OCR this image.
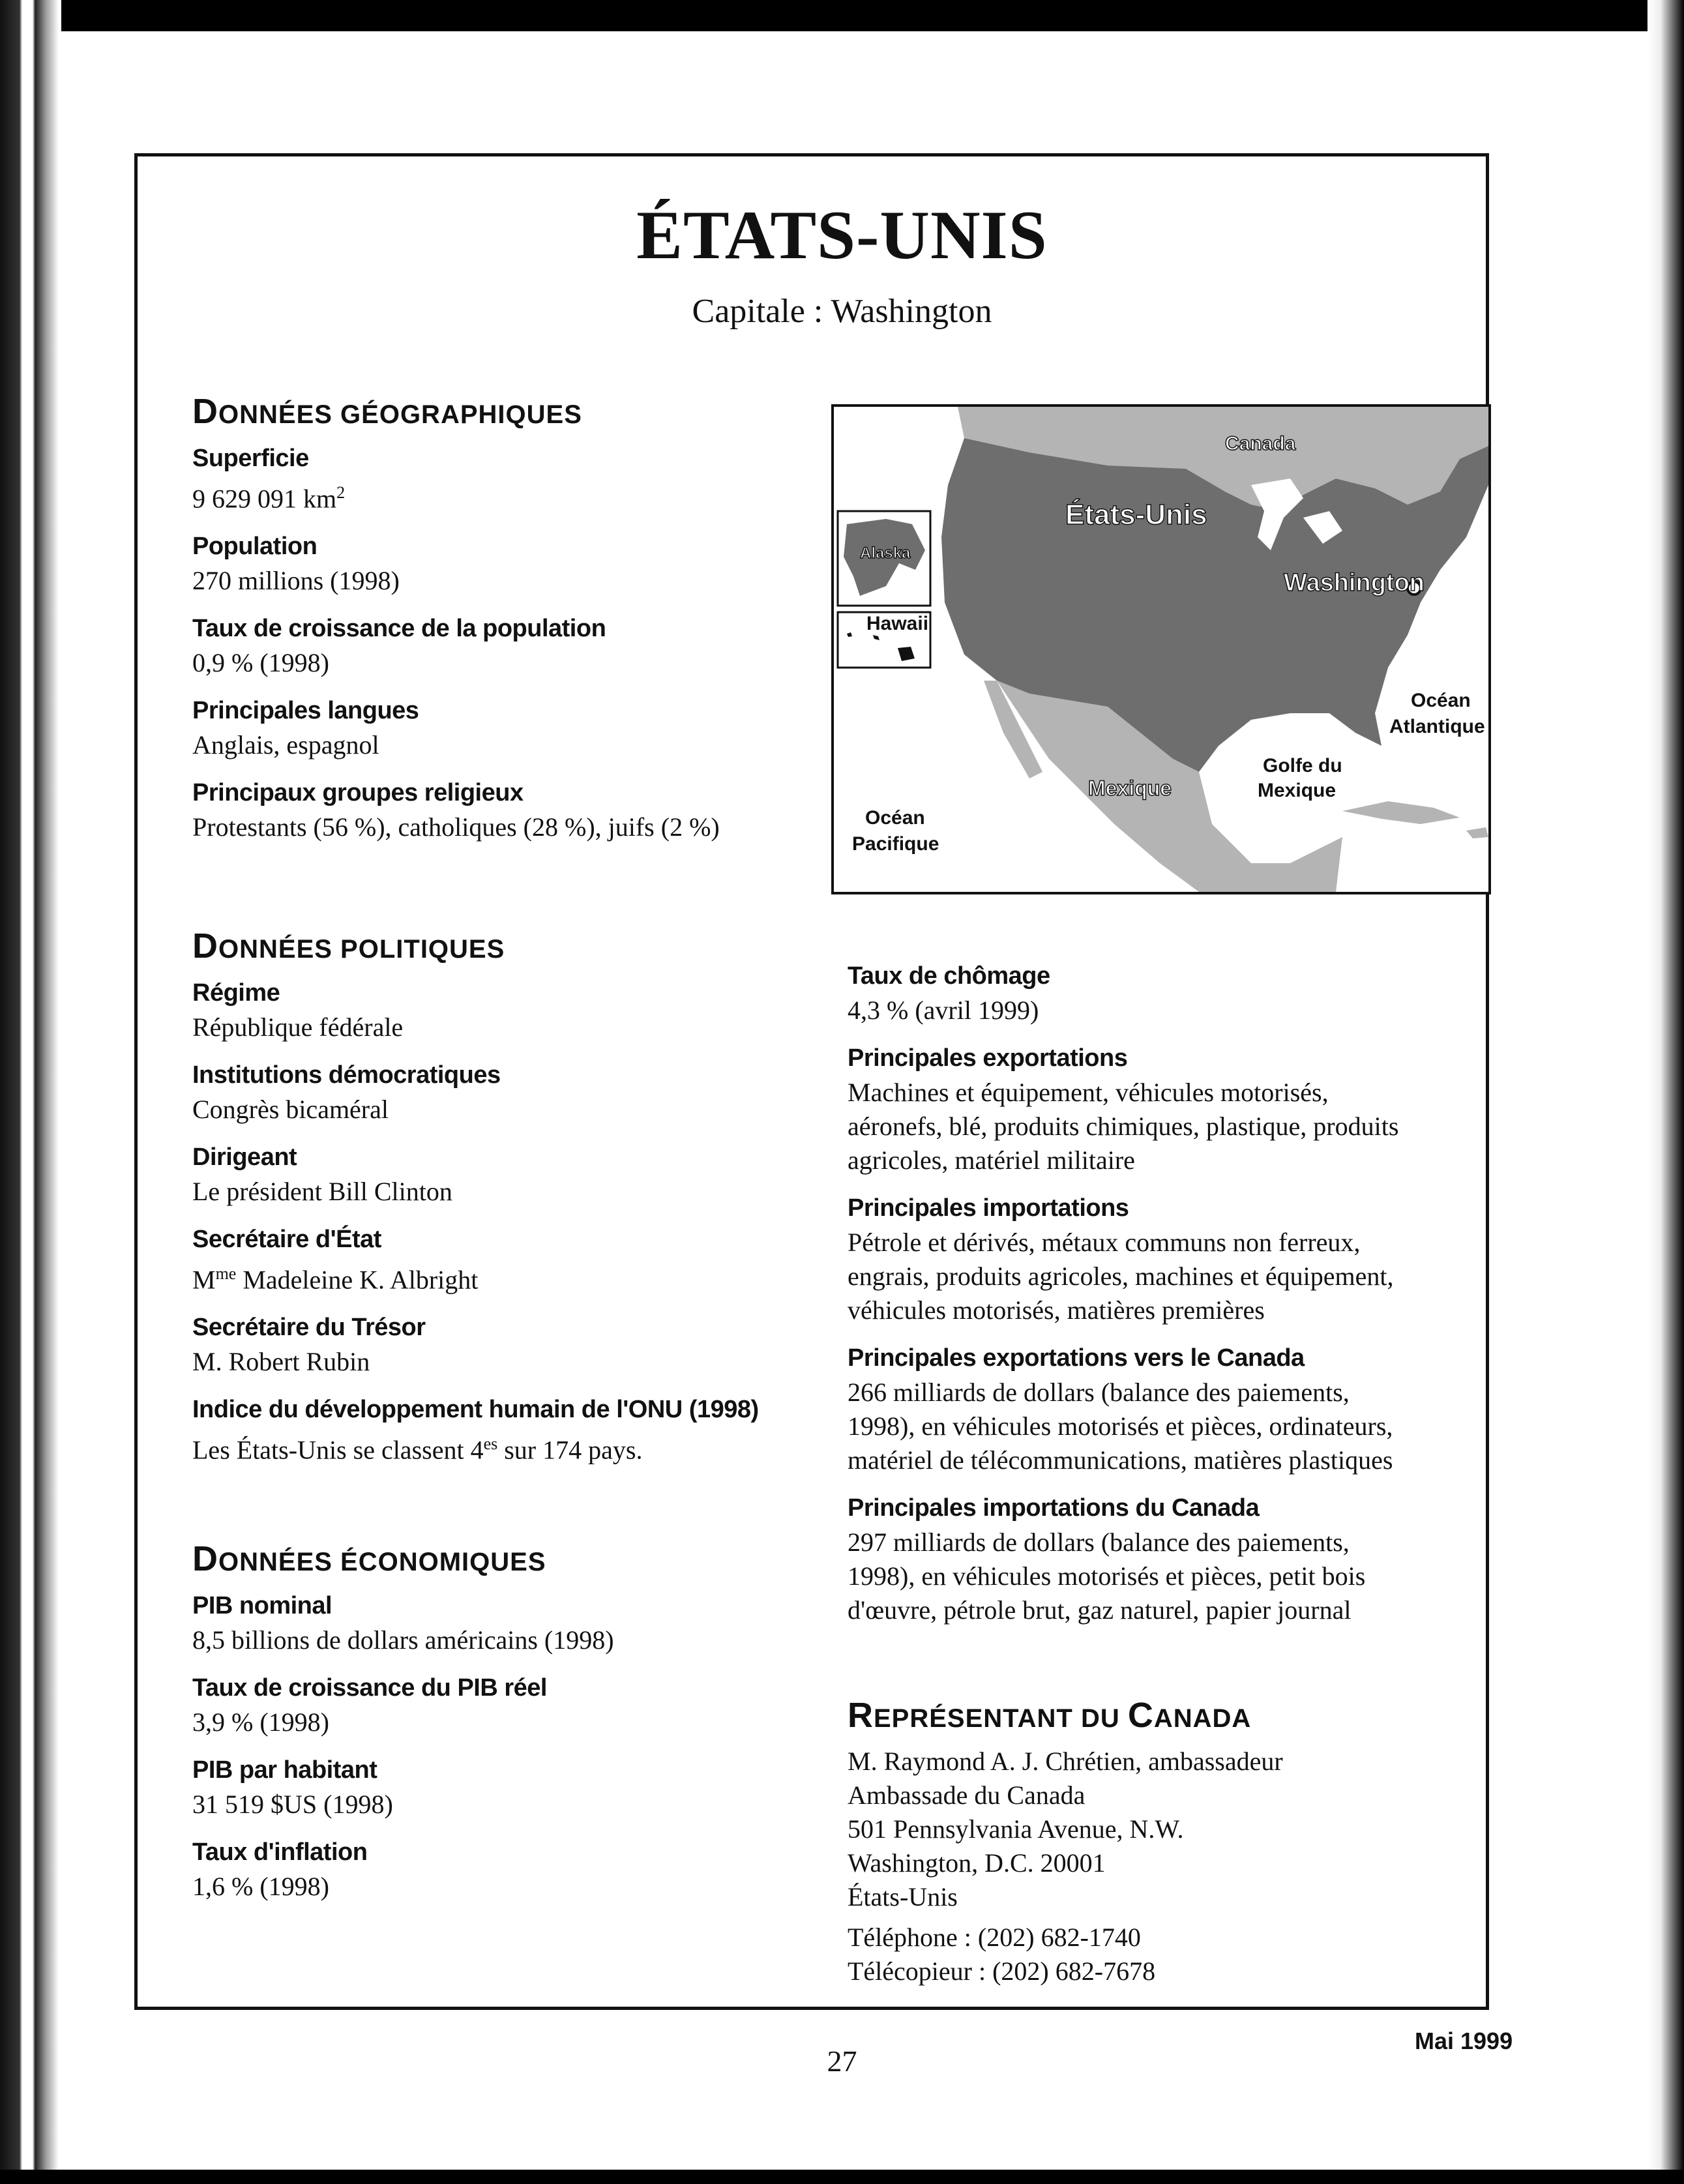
ÉTATS-UNIS
Capitale : Washington
DONNÉES GÉOGRAPHIQUES
Superficie
9 629 091 $km^2$
Population
270 millions (1998)
Taux de croissance de la population
0,9 % (1998)
Principales langues
Anglais, espagnol
Principaux groupes religieux
Protestants (56 %), catholiques (28 %), juifs (2 %)
Canada
États-Unis
Alaska
Hawaii
Washington
Océan
Atlantique
Golfe du
Mexique
Mexique
Océan
Pacifique
DONNÉES POLITIQUES
Régime
République fédérale
Institutions démocratiques
Congrès bicaméral
Dirigeant
Le président Bill Clinton
Secrétaire d'État
$M^{me}$ Madeleine K. Albright
Secrétaire du Trésor
M. Robert Rubin
Indice du développement humain de l'ONU (1998)
Les États-Unis se classent $4^{es}$ sur 174 pays.
DONNÉES ÉCONOMIQUES
PIB nominal
8,5 billions de dollars américains (1998)
Taux de croissance du PIB réel
3,9 % (1998)
PIB par habitant
31 519 $US (1998)
Taux d'inflation
1,6 % (1998)
Taux de chômage
4,3 % (avril 1999)
Principales exportations
Machines et équipement, véhicules motorisés,
aéronefs, blé, produits chimiques, plastique, produits
agricoles, matériel militaire
Principales importations
Pétrole et dérivés, métaux communs non ferreux,
engrais, produits agricoles, machines et équipement,
véhicules motorisés, matières premières
Principales exportations vers le Canada
266 milliards de dollars (balance des paiements,
1998), en véhicules motorisés et pièces, ordinateurs,
matériel de télécommunications, matières plastiques
Principales importations du Canada
297 milliards de dollars (balance des paiements,
1998), en véhicules motorisés et pièces, petit bois
d'œuvre, pétrole brut, gaz naturel, papier journal
REPRÉSENTANT DU CANADA
M. Raymond A. J. Chrétien, ambassadeur
Ambassade du Canada
501 Pennsylvania Avenue, N.W.
Washington, D.C. 20001
États-Unis
Téléphone : (202) 682-1740
Télécopieur : (202) 682-7678
Mai 1999
27
